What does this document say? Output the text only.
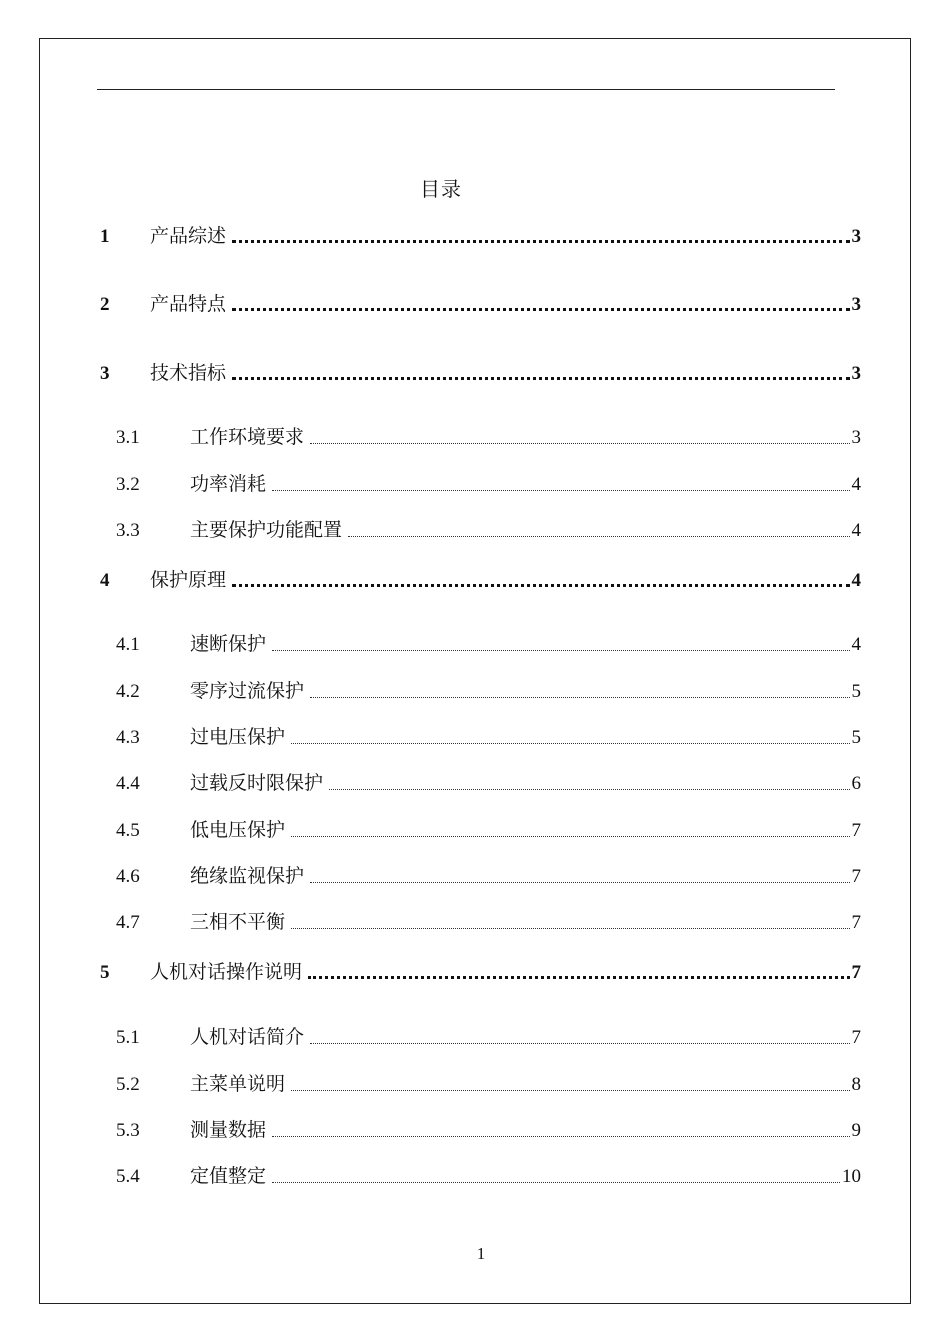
目录
1	产品综述	3
2	产品特点	3
3	技术指标	3
3.1	工作环境要求	3
3.2	功率消耗	4
3.3	主要保护功能配置	4
4	保护原理	4
4.1	速断保护	4
4.2	零序过流保护	5
4.3	过电压保护	5
4.4	过载反时限保护	6
4.5	低电压保护	7
4.6	绝缘监视保护	7
4.7	三相不平衡	7
5	人机对话操作说明	7
5.1	人机对话简介	7
5.2	主菜单说明	8
5.3	测量数据	9
5.4	定值整定	10
1
